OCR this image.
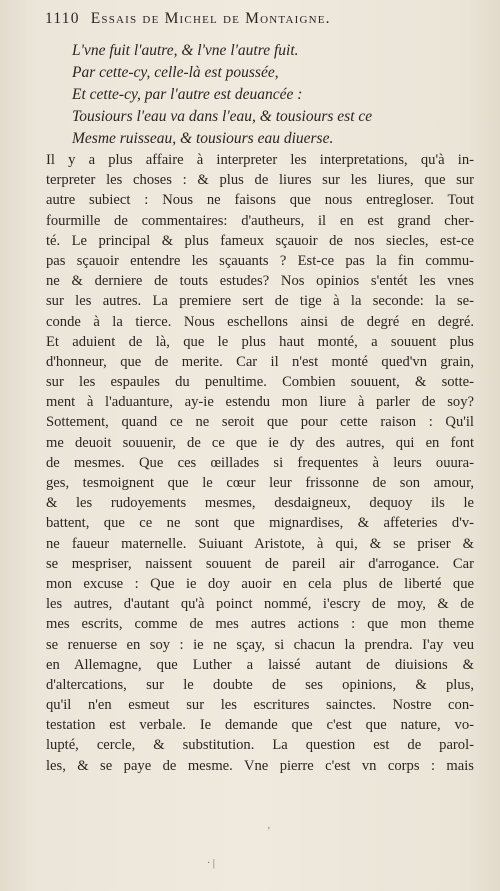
1110 Essais de Michel de Montaigne.
L'vne fuit l'autre, & l'vne l'autre fuit.
Par cette-cy, celle-là est poussée,
Et cette-cy, par l'autre est deuancée :
Tousiours l'eau va dans l'eau, & tousiours est ce
Mesme ruisseau, & tousiours eau diuerse.
Il y a plus affaire à interpreter les interpretations, qu'à in-
terpreter les choses : & plus de liures sur les liures, que sur
autre subiect : Nous ne faisons que nous entregloser. Tout
fourmille de commentaires: d'autheurs, il en est grand cher-
té. Le principal & plus fameux sçauoir de nos siecles, est-ce
pas sçauoir entendre les sçauants ? Est-ce pas la fin commu-
ne & derniere de touts estudes? Nos opinios s'entét les vnes
sur les autres. La premiere sert de tige à la seconde: la se-
conde à la tierce. Nous eschellons ainsi de degré en degré.
Et aduient de là, que le plus haut monté, a souuent plus
d'honneur, que de merite. Car il n'est monté qued'vn grain,
sur les espaules du penultime. Combien souuent, & sotte-
ment à l'aduanture, ay-ie estendu mon liure à parler de soy?
Sottement, quand ce ne seroit que pour cette raison : Qu'il
me deuoit souuenir, de ce que ie dy des autres, qui en font
de mesmes. Que ces œillades si frequentes à leurs ouura-
ges, tesmoignent que le cœur leur frissonne de son amour,
& les rudoyements mesmes, desdaigneux, dequoy ils le
battent, que ce ne sont que mignardises, & affeteries d'v-
ne faueur maternelle. Suiuant Aristote, à qui, & se priser &
se mespriser, naissent souuent de pareil air d'arrogance. Car
mon excuse : Que ie doy auoir en cela plus de liberté que
les autres, d'autant qu'à poinct nommé, i'escry de moy, & de
mes escrits, comme de mes autres actions : que mon theme
se renuerse en soy : ie ne sçay, si chacun la prendra. I'ay veu
en Allemagne, que Luther a laissé autant de diuisions &
d'altercations, sur le doubte de ses opinions, & plus,
qu'il n'en esmeut sur les escritures sainctes. Nostre con-
testation est verbale. Ie demande que c'est que nature, vo-
lupté, cercle, & substitution. La question est de parol-
les, & se paye de mesme. Vne pierre c'est vn corps : mais
'
· |
